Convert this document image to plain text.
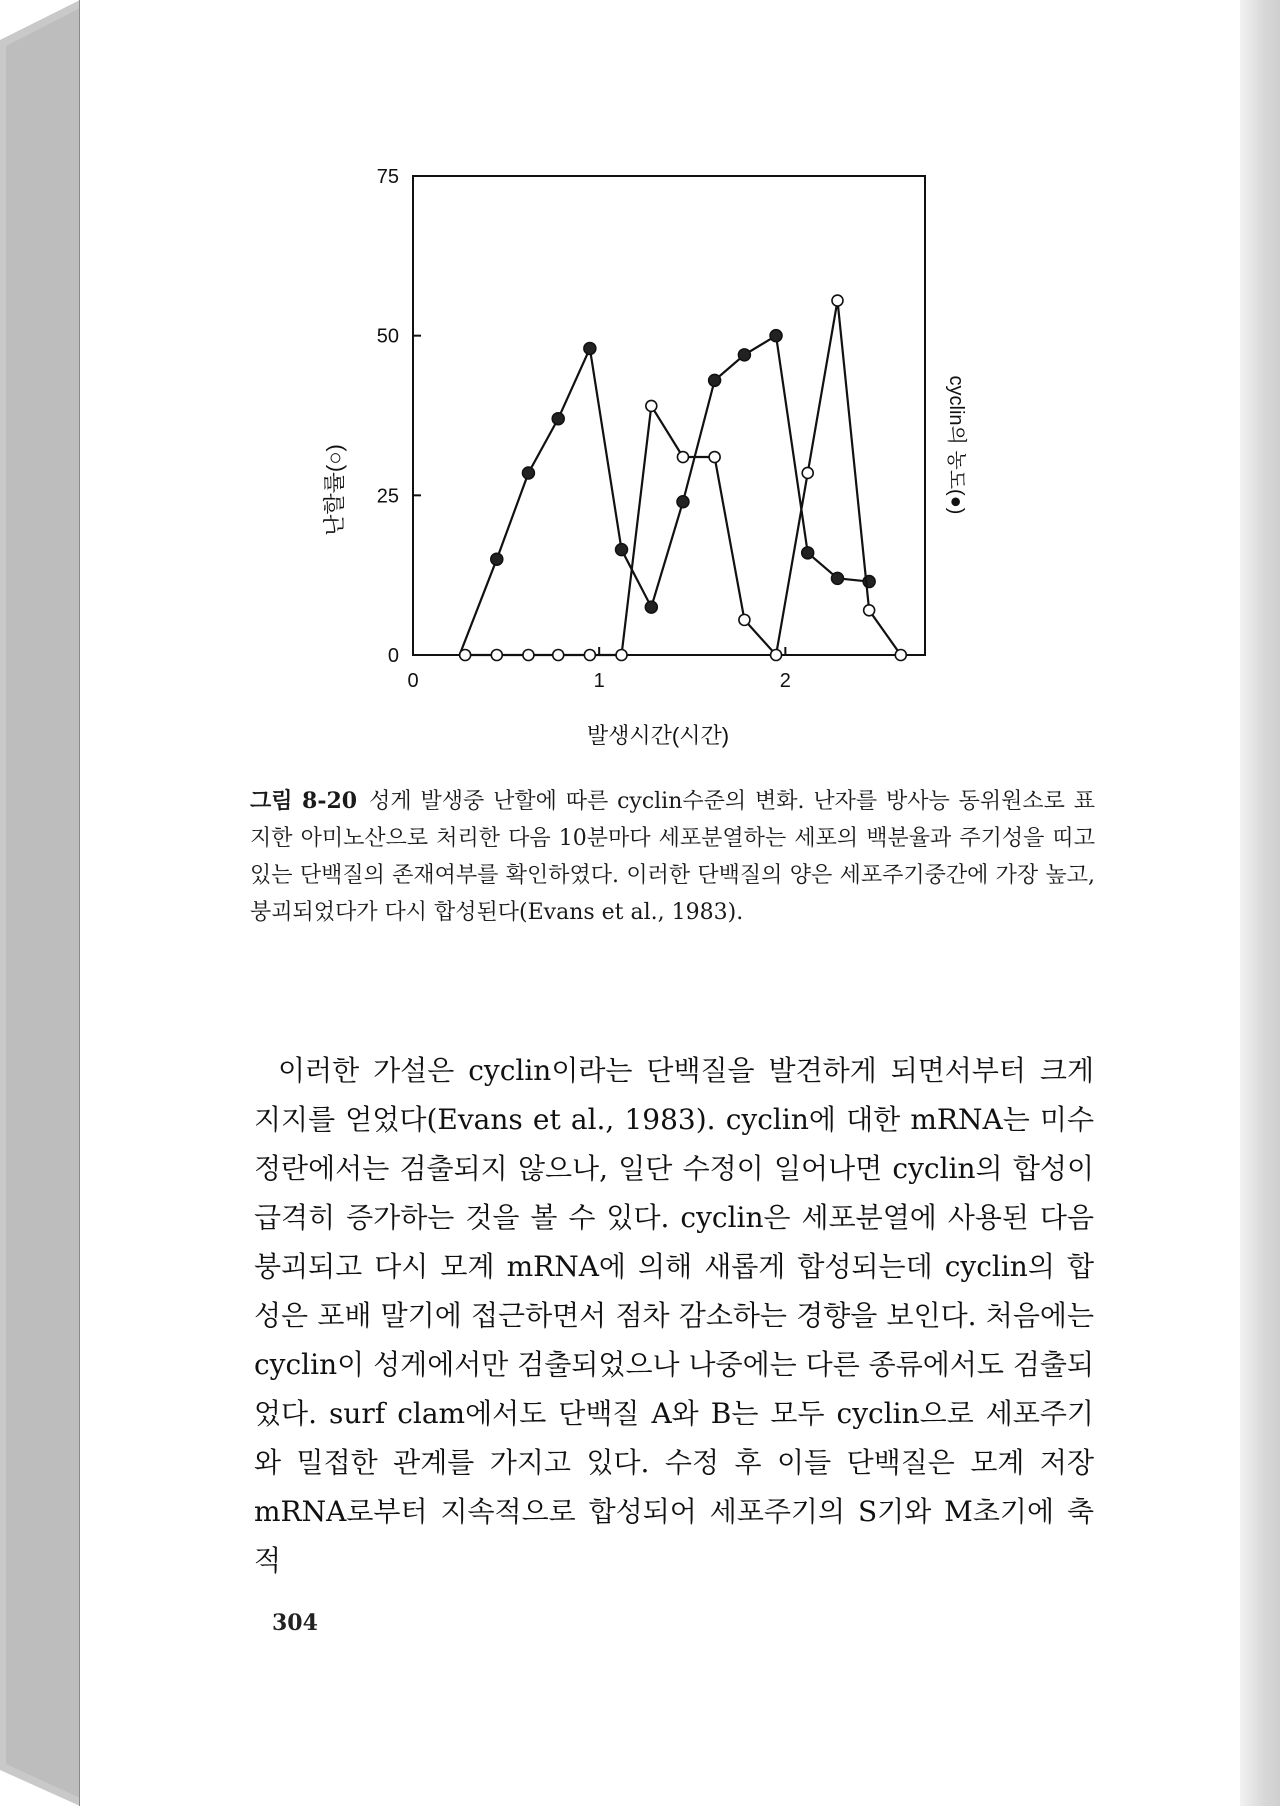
0
25
50
75
0	1	2
발생시간(시간)
난할률(○)	cyclin의 농도(●)
그림 8-20 성게 발생중 난할에 따른 cyclin수준의 변화. 난자를 방사능 동위원소로 표지한 아미노산으로 처리한 다음 10분마다 세포분열하는 세포의 백분율과 주기성을 띠고 있는 단백질의 존재여부를 확인하였다. 이러한 단백질의 양은 세포주기중간에 가장 높고, 붕괴되었다가 다시 합성된다(Evans et al., 1983).

이러한 가설은 cyclin이라는 단백질을 발견하게 되면서부터 크게 지지를 얻었다(Evans et al., 1983). cyclin에 대한 mRNA는 미수정란에서는 검출되지 않으나, 일단 수정이 일어나면 cyclin의 합성이 급격히 증가하는 것을 볼 수 있다. cyclin은 세포분열에 사용된 다음 붕괴되고 다시 모계 mRNA에 의해 새롭게 합성되는데 cyclin의 합성은 포배 말기에 접근하면서 점차 감소하는 경향을 보인다. 처음에는 cyclin이 성게에서만 검출되었으나 나중에는 다른 종류에서도 검출되었다. surf clam에서도 단백질 A와 B는 모두 cyclin으로 세포주기와 밀접한 관계를 가지고 있다. 수정 후 이들 단백질은 모계 저장 mRNA로부터 지속적으로 합성되어 세포주기의 S기와 M초기에 축적

304
